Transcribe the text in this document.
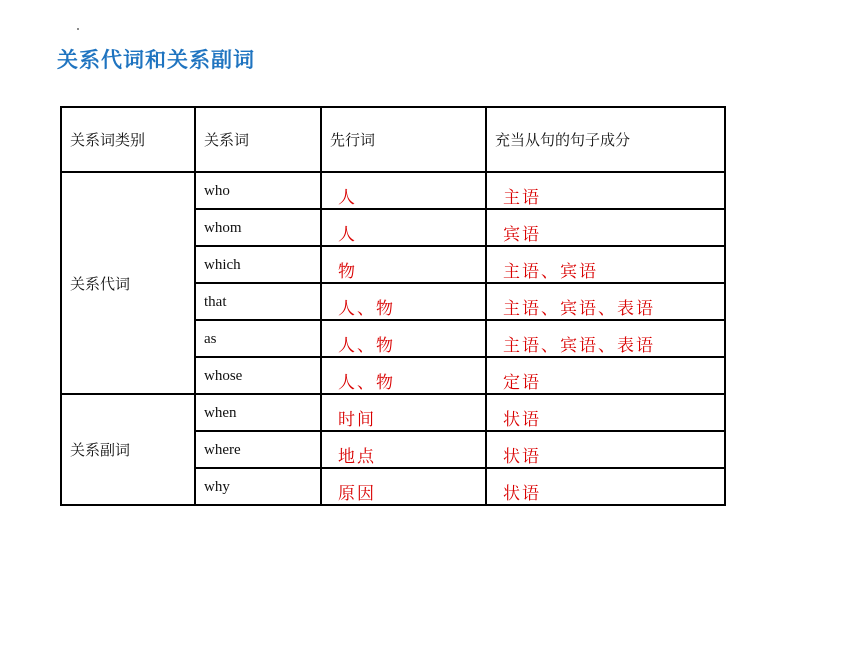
关系代词和关系副词
关系词类别	关系词	先行词	充当从句的句子成分
关系代词	who	人	主语
	whom	人	宾语
	which	物	主语、宾语
	that	人、物	主语、宾语、表语
	as	人、物	主语、宾语、表语
	whose	人、物	定语
关系副词	when	时间	状语
	where	地点	状语
	why	原因	状语
